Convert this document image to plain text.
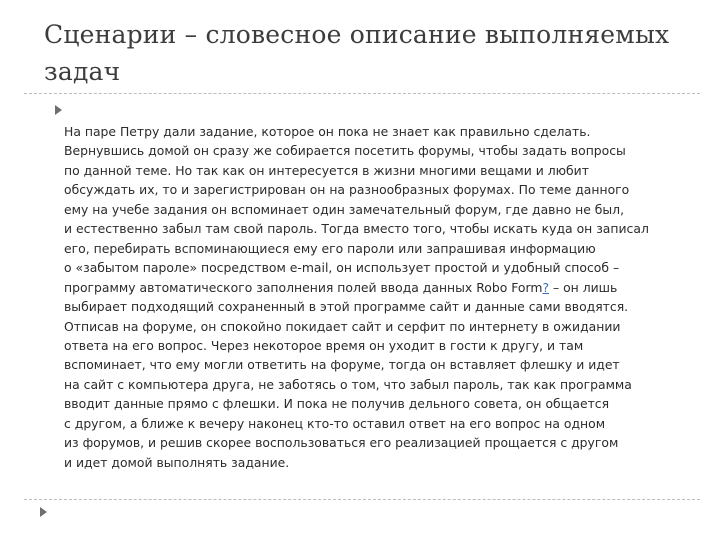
Сценарии – словесное описание выполняемых
задач
На паре Петру дали задание, которое он пока не знает как правильно сделать.
Вернувшись домой он сразу же собирается посетить форумы, чтобы задать вопросы
по данной теме. Но так как он интересуется в жизни многими вещами и любит
обсуждать их, то и зарегистрирован он на разнообразных форумах. По теме данного
ему на учебе задания он вспоминает один замечательный форум, где давно не был,
и естественно забыл там свой пароль. Тогда вместо того, чтобы искать куда он записал
его, перебирать вспоминающиеся ему его пароли или запрашивая информацию
о «забытом пароле» посредством e-mail, он использует простой и удобный способ –
программу автоматического заполнения полей ввода данных Robo Form? – он лишь
выбирает подходящий сохраненный в этой программе сайт и данные сами вводятся.
Отписав на форуме, он спокойно покидает сайт и серфит по интернету в ожидании
ответа на его вопрос. Через некоторое время он уходит в гости к другу, и там
вспоминает, что ему могли ответить на форуме, тогда он вставляет флешку и идет
на сайт с компьютера друга, не заботясь о том, что забыл пароль, так как программа
вводит данные прямо с флешки. И пока не получив дельного совета, он общается
с другом, а ближе к вечеру наконец кто-то оставил ответ на его вопрос на одном
из форумов, и решив скорее воспользоваться его реализацией прощается с другом
и идет домой выполнять задание.
